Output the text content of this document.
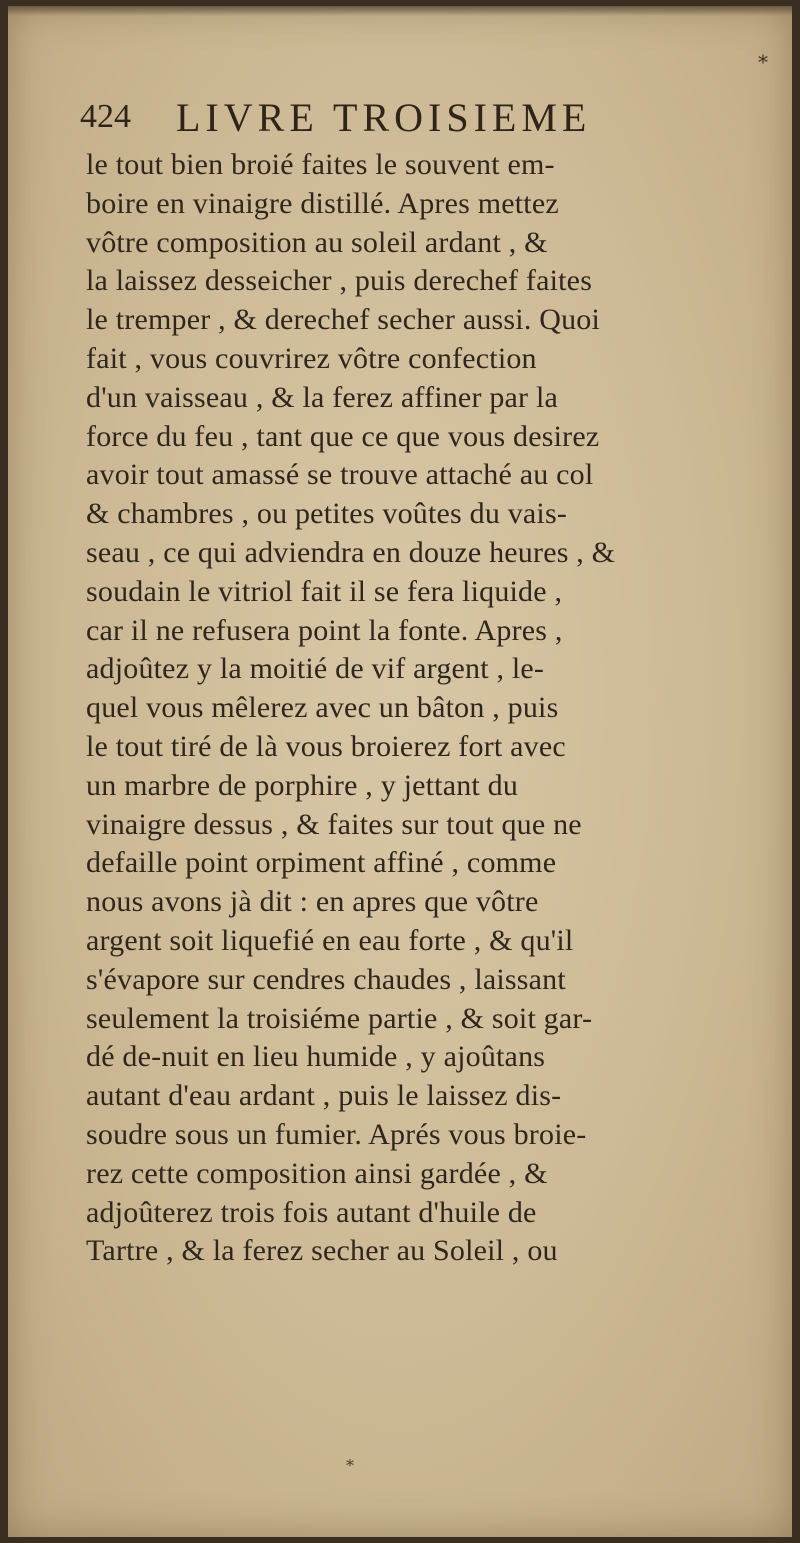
*
424 LIVRE TROISIEME
le tout bien broié faites le souvent em-
boire en vinaigre distillé. Apres mettez
vôtre composition au soleil ardant , &
la laissez desseicher , puis derechef faites
le tremper , & derechef secher aussi. Quoi
fait , vous couvrirez vôtre confection
d'un vaisseau , & la ferez affiner par la
force du feu , tant que ce que vous desirez
avoir tout amassé se trouve attaché au col
& chambres , ou petites voûtes du vais-
seau , ce qui adviendra en douze heures , &
soudain le vitriol fait il se fera liquide ,
car il ne refusera point la fonte. Apres ,
adjoûtez y la moitié de vif argent , le-
quel vous mêlerez avec un bâton , puis
le tout tiré de là vous broierez fort avec
un marbre de porphire , y jettant du
vinaigre dessus , & faites sur tout que ne
defaille point orpiment affiné , comme
nous avons jà dit : en apres que vôtre
argent soit liquefié en eau forte , & qu'il
s'évapore sur cendres chaudes , laissant
seulement la troisiéme partie , & soit gar-
dé de-nuit en lieu humide , y ajoûtans
autant d'eau ardant , puis le laissez dis-
soudre sous un fumier. Aprés vous broie-
rez cette composition ainsi gardée , &
adjoûterez trois fois autant d'huile de
Tartre , & la ferez secher au Soleil , ou
*
